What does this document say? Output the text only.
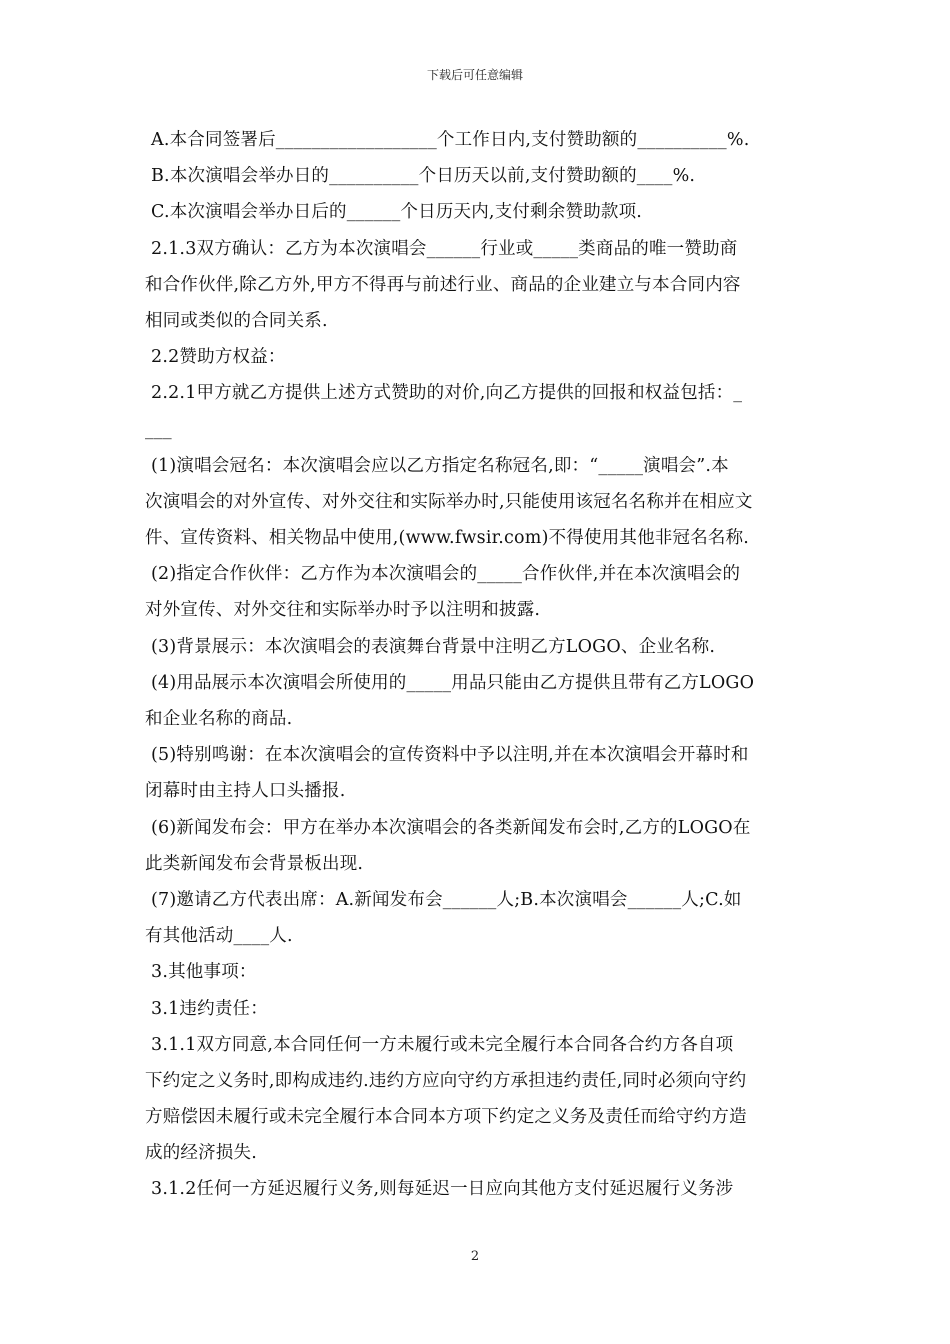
下载后可任意编辑
A.本合同签署后__________________个工作日内,支付赞助额的__________%.
B.本次演唱会举办日的__________个日历天以前,支付赞助额的____%.
C.本次演唱会举办日后的______个日历天内,支付剩余赞助款项.
2.1.3双方确认：乙方为本次演唱会______行业或_____类商品的唯一赞助商
和合作伙伴,除乙方外,甲方不得再与前述行业、商品的企业建立与本合同内容
相同或类似的合同关系.
2.2赞助方权益：
2.2.1甲方就乙方提供上述方式赞助的对价,向乙方提供的回报和权益包括：_
___
(1)演唱会冠名：本次演唱会应以乙方指定名称冠名,即：“_____演唱会”.本
次演唱会的对外宣传、对外交往和实际举办时,只能使用该冠名名称并在相应文
件、宣传资料、相关物品中使用,(www.fwsir.com)不得使用其他非冠名名称.
(2)指定合作伙伴：乙方作为本次演唱会的_____合作伙伴,并在本次演唱会的
对外宣传、对外交往和实际举办时予以注明和披露.
(3)背景展示：本次演唱会的表演舞台背景中注明乙方LOGO、企业名称.
(4)用品展示本次演唱会所使用的_____用品只能由乙方提供且带有乙方LOGO
和企业名称的商品.
(5)特别鸣谢：在本次演唱会的宣传资料中予以注明,并在本次演唱会开幕时和
闭幕时由主持人口头播报.
(6)新闻发布会：甲方在举办本次演唱会的各类新闻发布会时,乙方的LOGO在
此类新闻发布会背景板出现.
(7)邀请乙方代表出席：A.新闻发布会______人;B.本次演唱会______人;C.如
有其他活动____人.
3.其他事项：
3.1违约责任：
3.1.1双方同意,本合同任何一方未履行或未完全履行本合同各合约方各自项
下约定之义务时,即构成违约.违约方应向守约方承担违约责任,同时必须向守约
方赔偿因未履行或未完全履行本合同本方项下约定之义务及责任而给守约方造
成的经济损失.
3.1.2任何一方延迟履行义务,则每延迟一日应向其他方支付延迟履行义务涉
2
